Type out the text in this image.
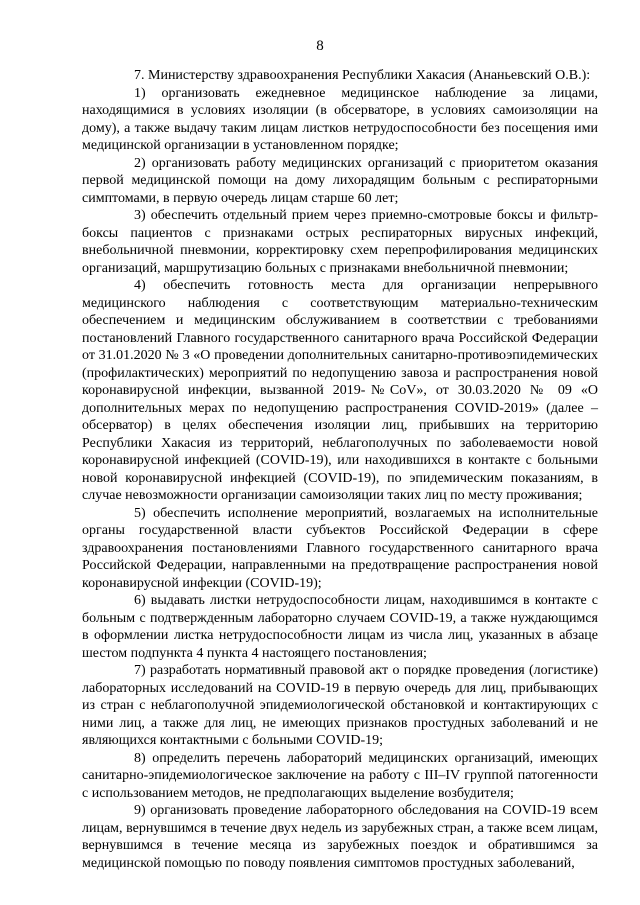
8

7. Министерству здравоохранения Республики Хакасия (Ананьевский О.В.):

1) организовать ежедневное медицинское наблюдение за лицами, находящимися в условиях изоляции (в обсерваторе, в условиях самоизоляции на дому), а также выдачу таким лицам листков нетрудоспособности без посещения ими медицинской организации в установленном порядке;

2) организовать работу медицинских организаций с приоритетом оказания первой медицинской помощи на дому лихорадящим больным с респираторными симптомами, в первую очередь лицам старше 60 лет;

3) обеспечить отдельный прием через приемно-смотровые боксы и фильтр-боксы пациентов с признаками острых респираторных вирусных инфекций, внебольничной пневмонии, корректировку схем перепрофилирования медицинских организаций, маршрутизацию больных с признаками внебольничной пневмонии;

4) обеспечить готовность места для организации непрерывного медицинского наблюдения с соответствующим материально-техническим обеспечением и медицинским обслуживанием в соответствии с требованиями постановлений Главного государственного санитарного врача Российской Федерации от 31.01.2020 № 3 «О проведении дополнительных санитарно-противоэпидемических (профилактических) мероприятий по недопущению завоза и распространения новой коронавирусной инфекции, вызванной 2019-№CoV», от 30.03.2020 № 09 «О дополнительных мерах по недопущению распространения COVID-2019» (далее – обсерватор) в целях обеспечения изоляции лиц, прибывших на территорию Республики Хакасия из территорий, неблагополучных по заболеваемости новой коронавирусной инфекцией (COVID-19), или находившихся в контакте с больными новой коронавирусной инфекцией (COVID-19), по эпидемическим показаниям, в случае невозможности организации самоизоляции таких лиц по месту проживания;

5) обеспечить исполнение мероприятий, возлагаемых на исполнительные органы государственной власти субъектов Российской Федерации в сфере здравоохранения постановлениями Главного государственного санитарного врача Российской Федерации, направленными на предотвращение распространения новой коронавирусной инфекции (COVID-19);

6) выдавать листки нетрудоспособности лицам, находившимся в контакте с больным с подтвержденным лабораторно случаем COVID-19, а также нуждающимся в оформлении листка нетрудоспособности лицам из числа лиц, указанных в абзаце шестом подпункта 4 пункта 4 настоящего постановления;

7) разработать нормативный правовой акт о порядке проведения (логистике) лабораторных исследований на COVID-19 в первую очередь для лиц, прибывающих из стран с неблагополучной эпидемиологической обстановкой и контактирующих с ними лиц, а также для лиц, не имеющих признаков простудных заболеваний и не являющихся контактными с больными COVID-19;

8) определить перечень лабораторий медицинских организаций, имеющих санитарно-эпидемиологическое заключение на работу с III–IV группой патогенности с использованием методов, не предполагающих выделение возбудителя;

9) организовать проведение лабораторного обследования на COVID-19 всем лицам, вернувшимся в течение двух недель из зарубежных стран, а также всем лицам, вернувшимся в течение месяца из зарубежных поездок и обратившимся за медицинской помощью по поводу появления симптомов простудных заболеваний,
